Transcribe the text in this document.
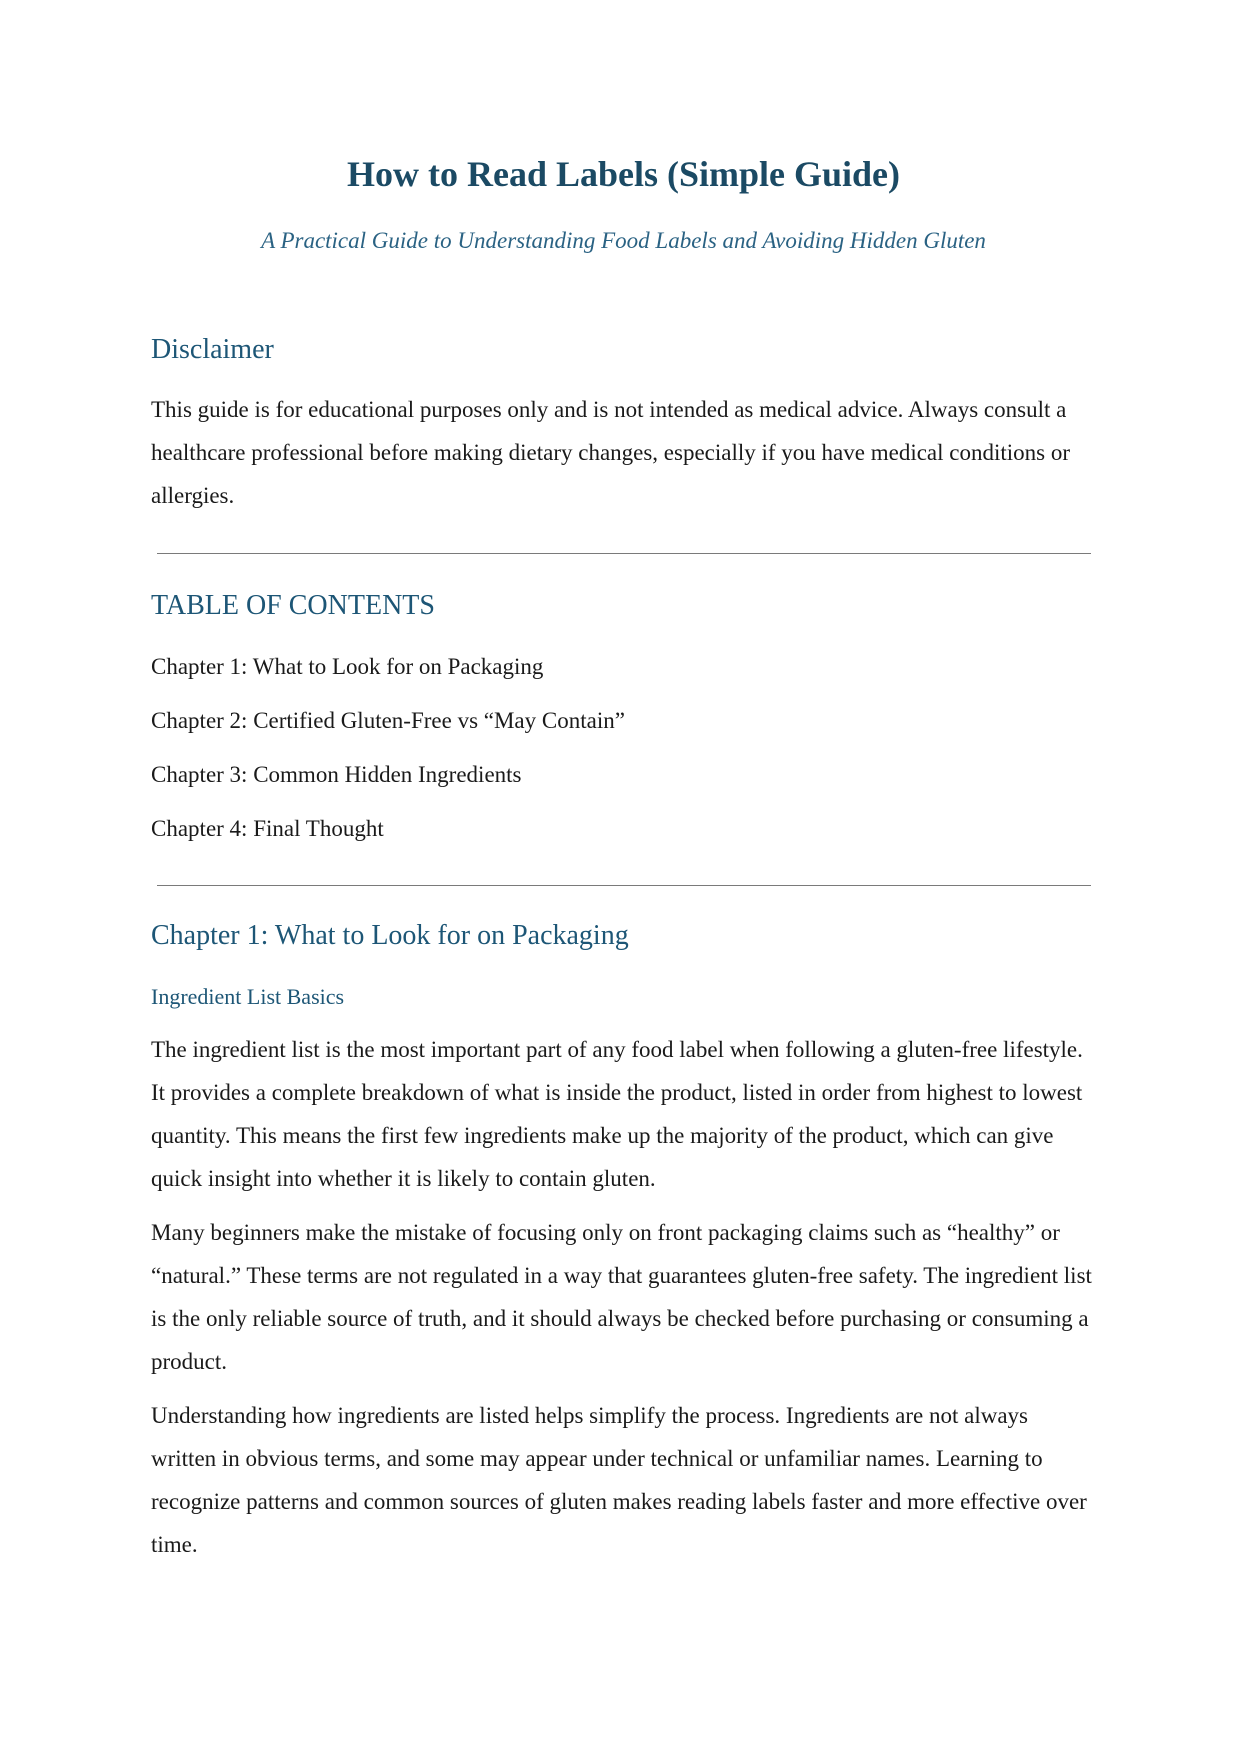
How to Read Labels (Simple Guide)

A Practical Guide to Understanding Food Labels and Avoiding Hidden Gluten

Disclaimer

This guide is for educational purposes only and is not intended as medical advice. Always consult a healthcare professional before making dietary changes, especially if you have medical conditions or allergies.

TABLE OF CONTENTS

Chapter 1: What to Look for on Packaging

Chapter 2: Certified Gluten-Free vs “May Contain”

Chapter 3: Common Hidden Ingredients

Chapter 4: Final Thought

Chapter 1: What to Look for on Packaging
Ingredient List Basics

The ingredient list is the most important part of any food label when following a gluten-free lifestyle. It provides a complete breakdown of what is inside the product, listed in order from highest to lowest quantity. This means the first few ingredients make up the majority of the product, which can give quick insight into whether it is likely to contain gluten.

Many beginners make the mistake of focusing only on front packaging claims such as “healthy” or “natural.” These terms are not regulated in a way that guarantees gluten-free safety. The ingredient list is the only reliable source of truth, and it should always be checked before purchasing or consuming a product.

Understanding how ingredients are listed helps simplify the process. Ingredients are not always written in obvious terms, and some may appear under technical or unfamiliar names. Learning to recognize patterns and common sources of gluten makes reading labels faster and more effective over time.
